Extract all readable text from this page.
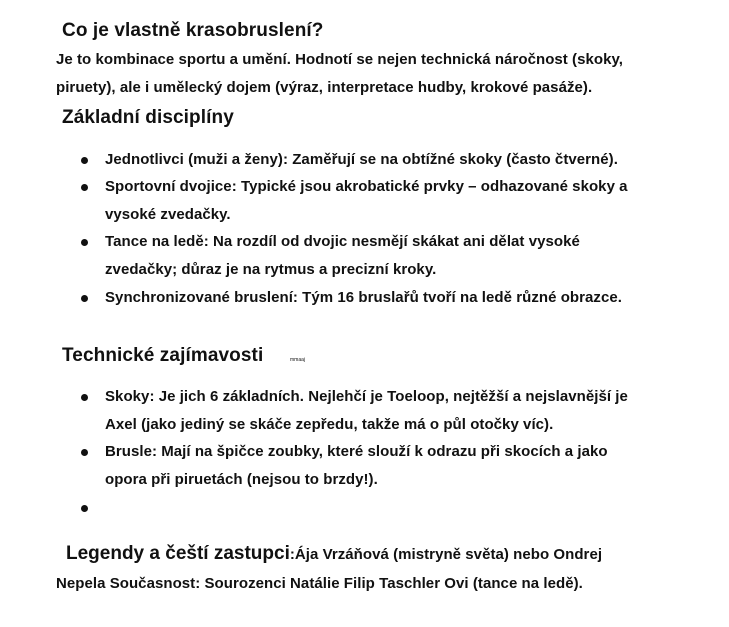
Co je vlastně krasobruslení?
Je to kombinace sportu a umění. Hodnotí se nejen technická náročnost (skoky,
piruety), ale i umělecký dojem (výraz, interpretace hudby, krokové pasáže).
Základní disciplíny
Jednotlivci (muži a ženy): Zaměřují se na obtížné skoky (často čtverné).
Sportovní dvojice: Typické jsou akrobatické prvky – odhazované skoky a
vysoké zvedačky.
Tance na ledě: Na rozdíl od dvojic nesmějí skákat ani dělat vysoké
zvedačky; důraz je na rytmus a precizní kroky.
Synchronizované bruslení: Tým 16 bruslařů tvoří na ledě různé obrazce.
Technické zajímavosti	mmaaj
Skoky: Je jich 6 základních. Nejlehčí je Toeloop, nejtěžší a nejslavnější je
Axel (jako jediný se skáče zepředu, takže má o půl otočky víc).
Brusle: Mají na špičce zoubky, které slouží k odrazu při skocích a jako
opora při piruetách (nejsou to brzdy!).
Legendy a čeští zastupci:Ája Vrzáňová (mistryně světa) nebo Ondrej
Nepela Současnost: Sourozenci Natálie Filip Taschler Ovi (tance na ledě).
